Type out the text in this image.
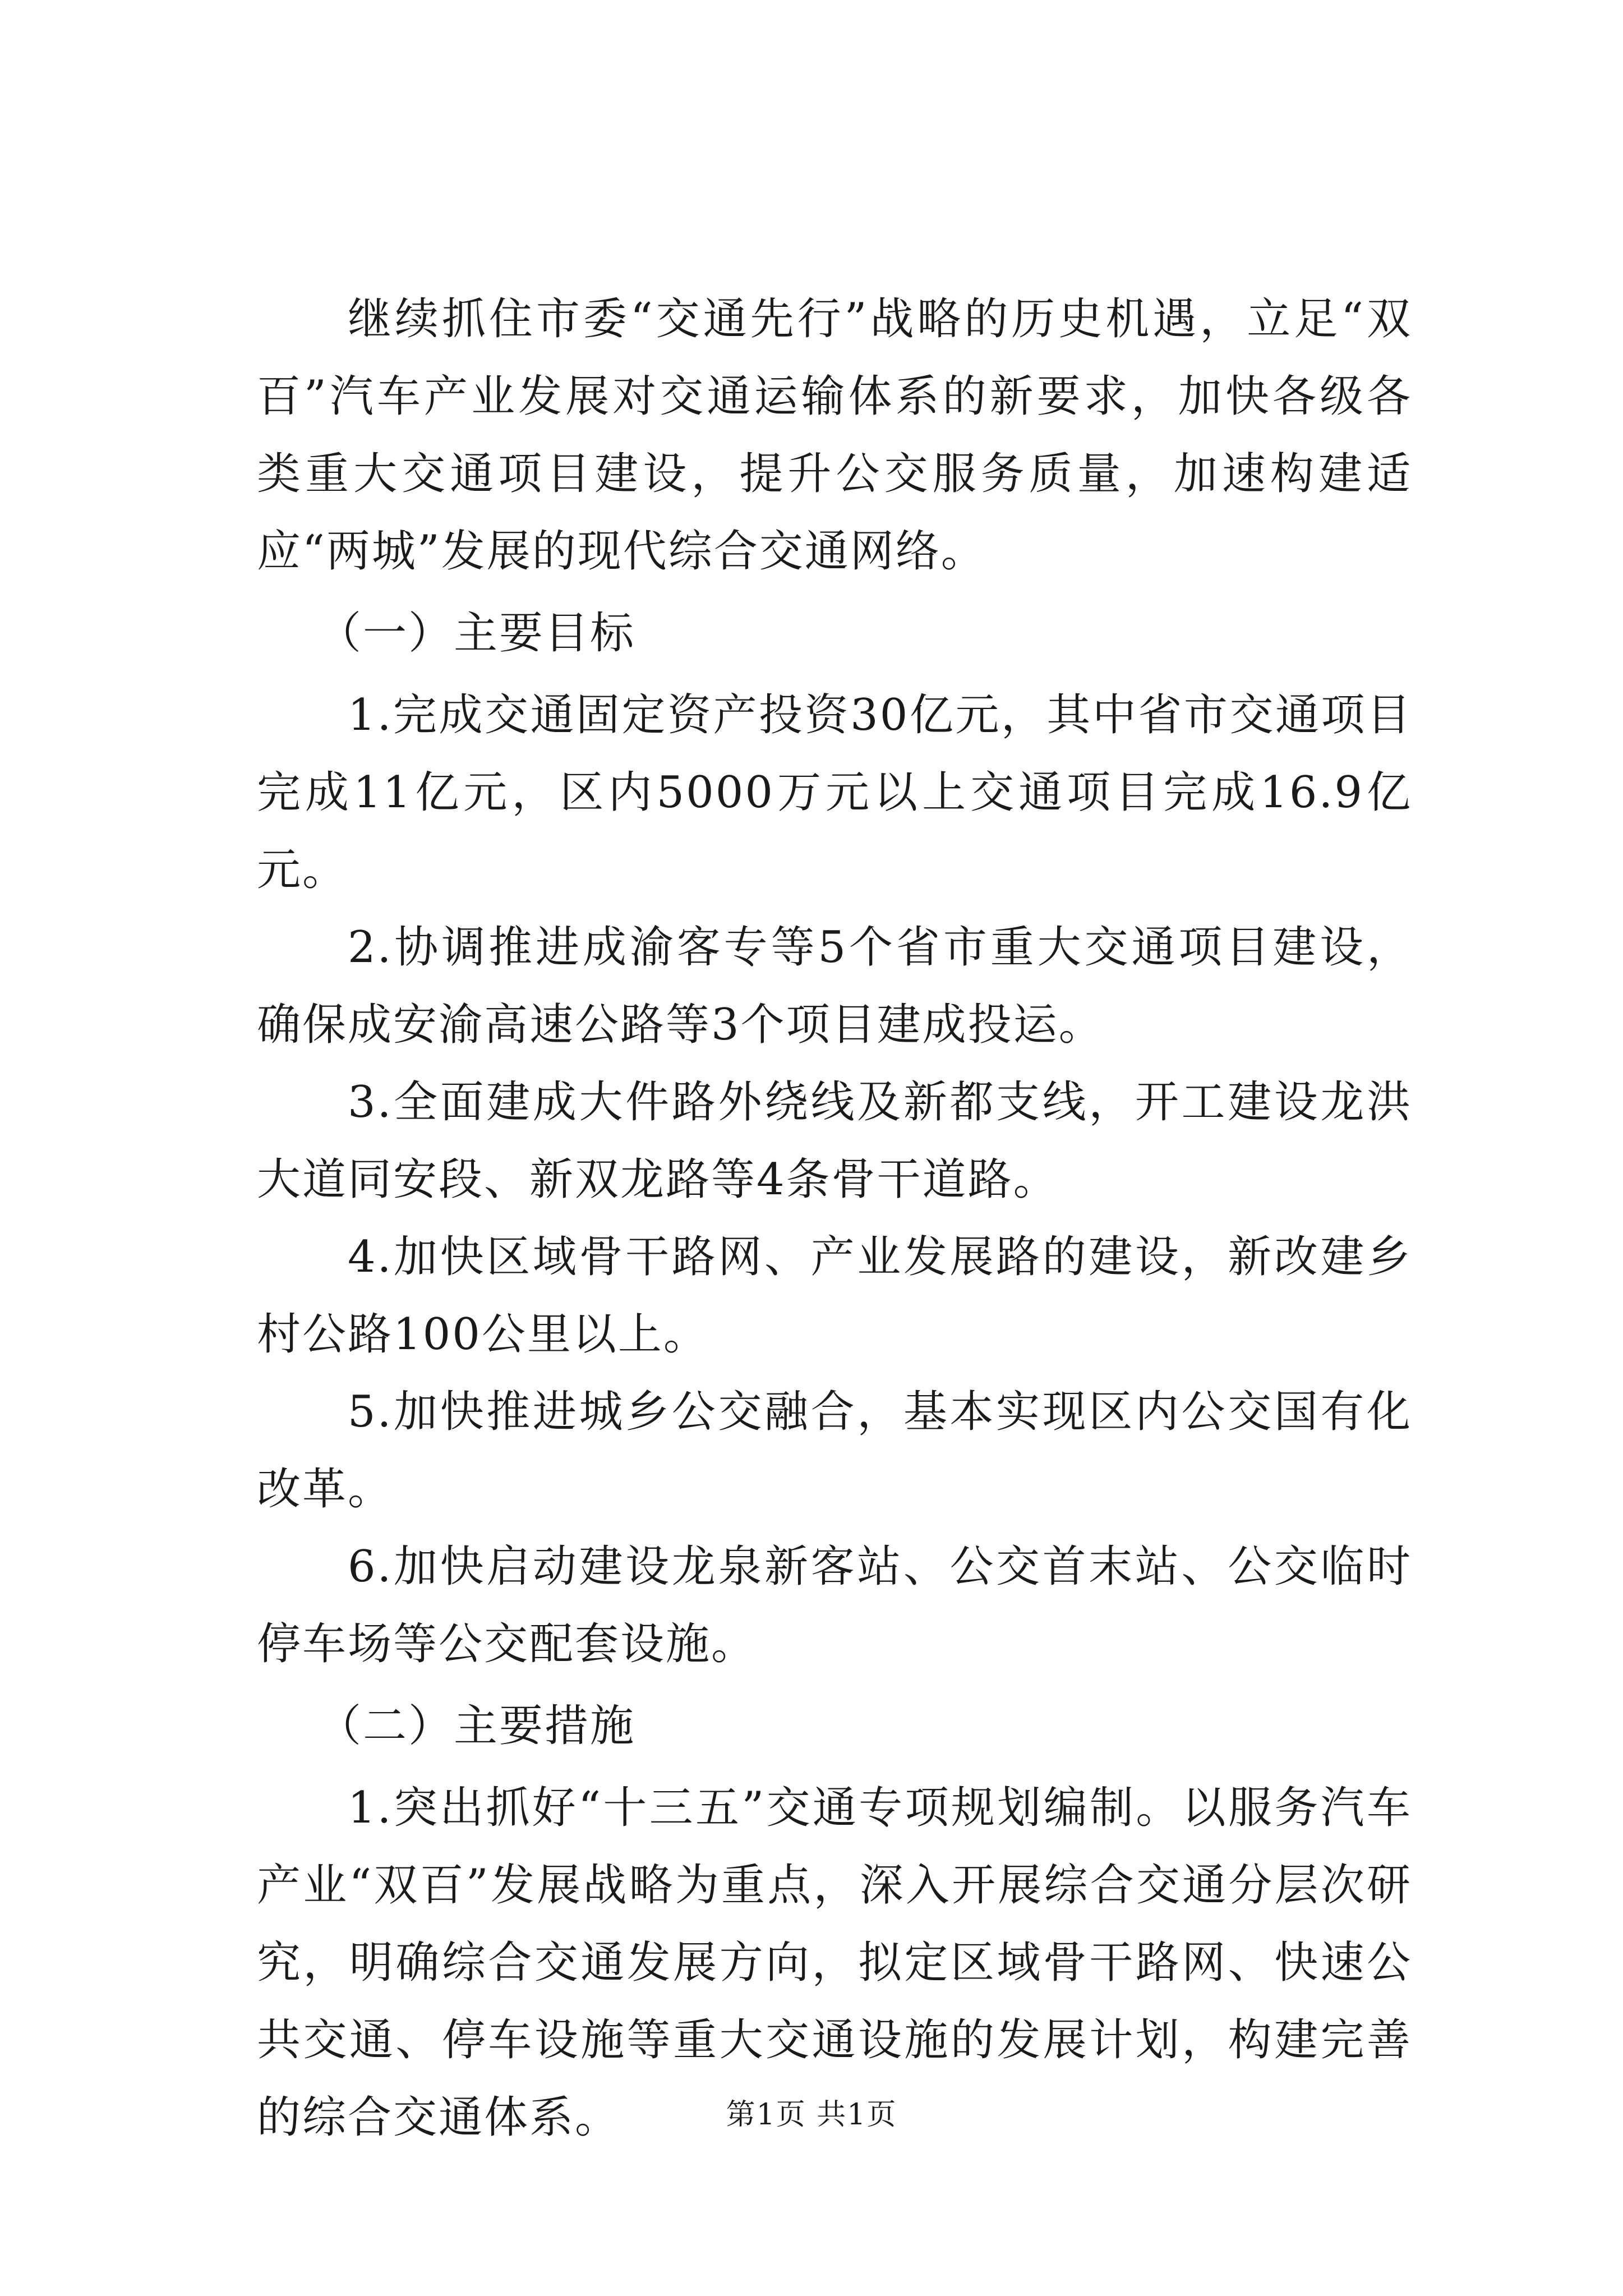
继续抓住市委“交通先行”战略的历史机遇，立足“双百”汽车产业发展对交通运输体系的新要求，加快各级各类重大交通项目建设，提升公交服务质量，加速构建适应“两城”发展的现代综合交通网络。

（一）主要目标

1.完成交通固定资产投资30亿元，其中省市交通项目完成11亿元，区内5000万元以上交通项目完成16.9亿元。

2.协调推进成渝客专等5个省市重大交通项目建设，确保成安渝高速公路等3个项目建成投运。

3.全面建成大件路外绕线及新都支线，开工建设龙洪大道同安段、新双龙路等4条骨干道路。

4.加快区域骨干路网、产业发展路的建设，新改建乡村公路100公里以上。

5.加快推进城乡公交融合，基本实现区内公交国有化改革。

6.加快启动建设龙泉新客站、公交首末站、公交临时停车场等公交配套设施。

（二）主要措施

1.突出抓好“十三五”交通专项规划编制。以服务汽车产业“双百”发展战略为重点，深入开展综合交通分层次研究，明确综合交通发展方向，拟定区域骨干路网、快速公共交通、停车设施等重大交通设施的发展计划，构建完善的综合交通体系。	第1页 共1页
